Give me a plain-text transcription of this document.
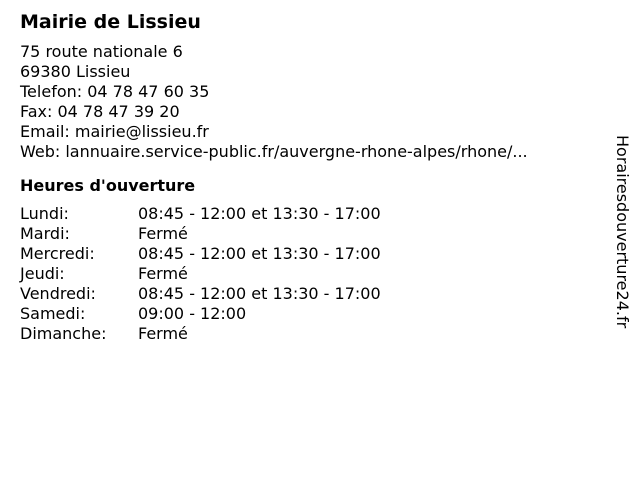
Mairie de Lissieu
75 route nationale 6
69380 Lissieu
Telefon: 04 78 47 60 35
Fax: 04 78 47 39 20
Email: mairie@lissieu.fr
Web: lannuaire.service-public.fr/auvergne-rhone-alpes/rhone/...
Heures d'ouverture
Lundi:	08:45 - 12:00 et 13:30 - 17:00
Mardi:	Fermé
Mercredi:	08:45 - 12:00 et 13:30 - 17:00
Jeudi:	Fermé
Vendredi:	08:45 - 12:00 et 13:30 - 17:00
Samedi:	09:00 - 12:00
Dimanche:	Fermé
Horairesdouverture24.fr
